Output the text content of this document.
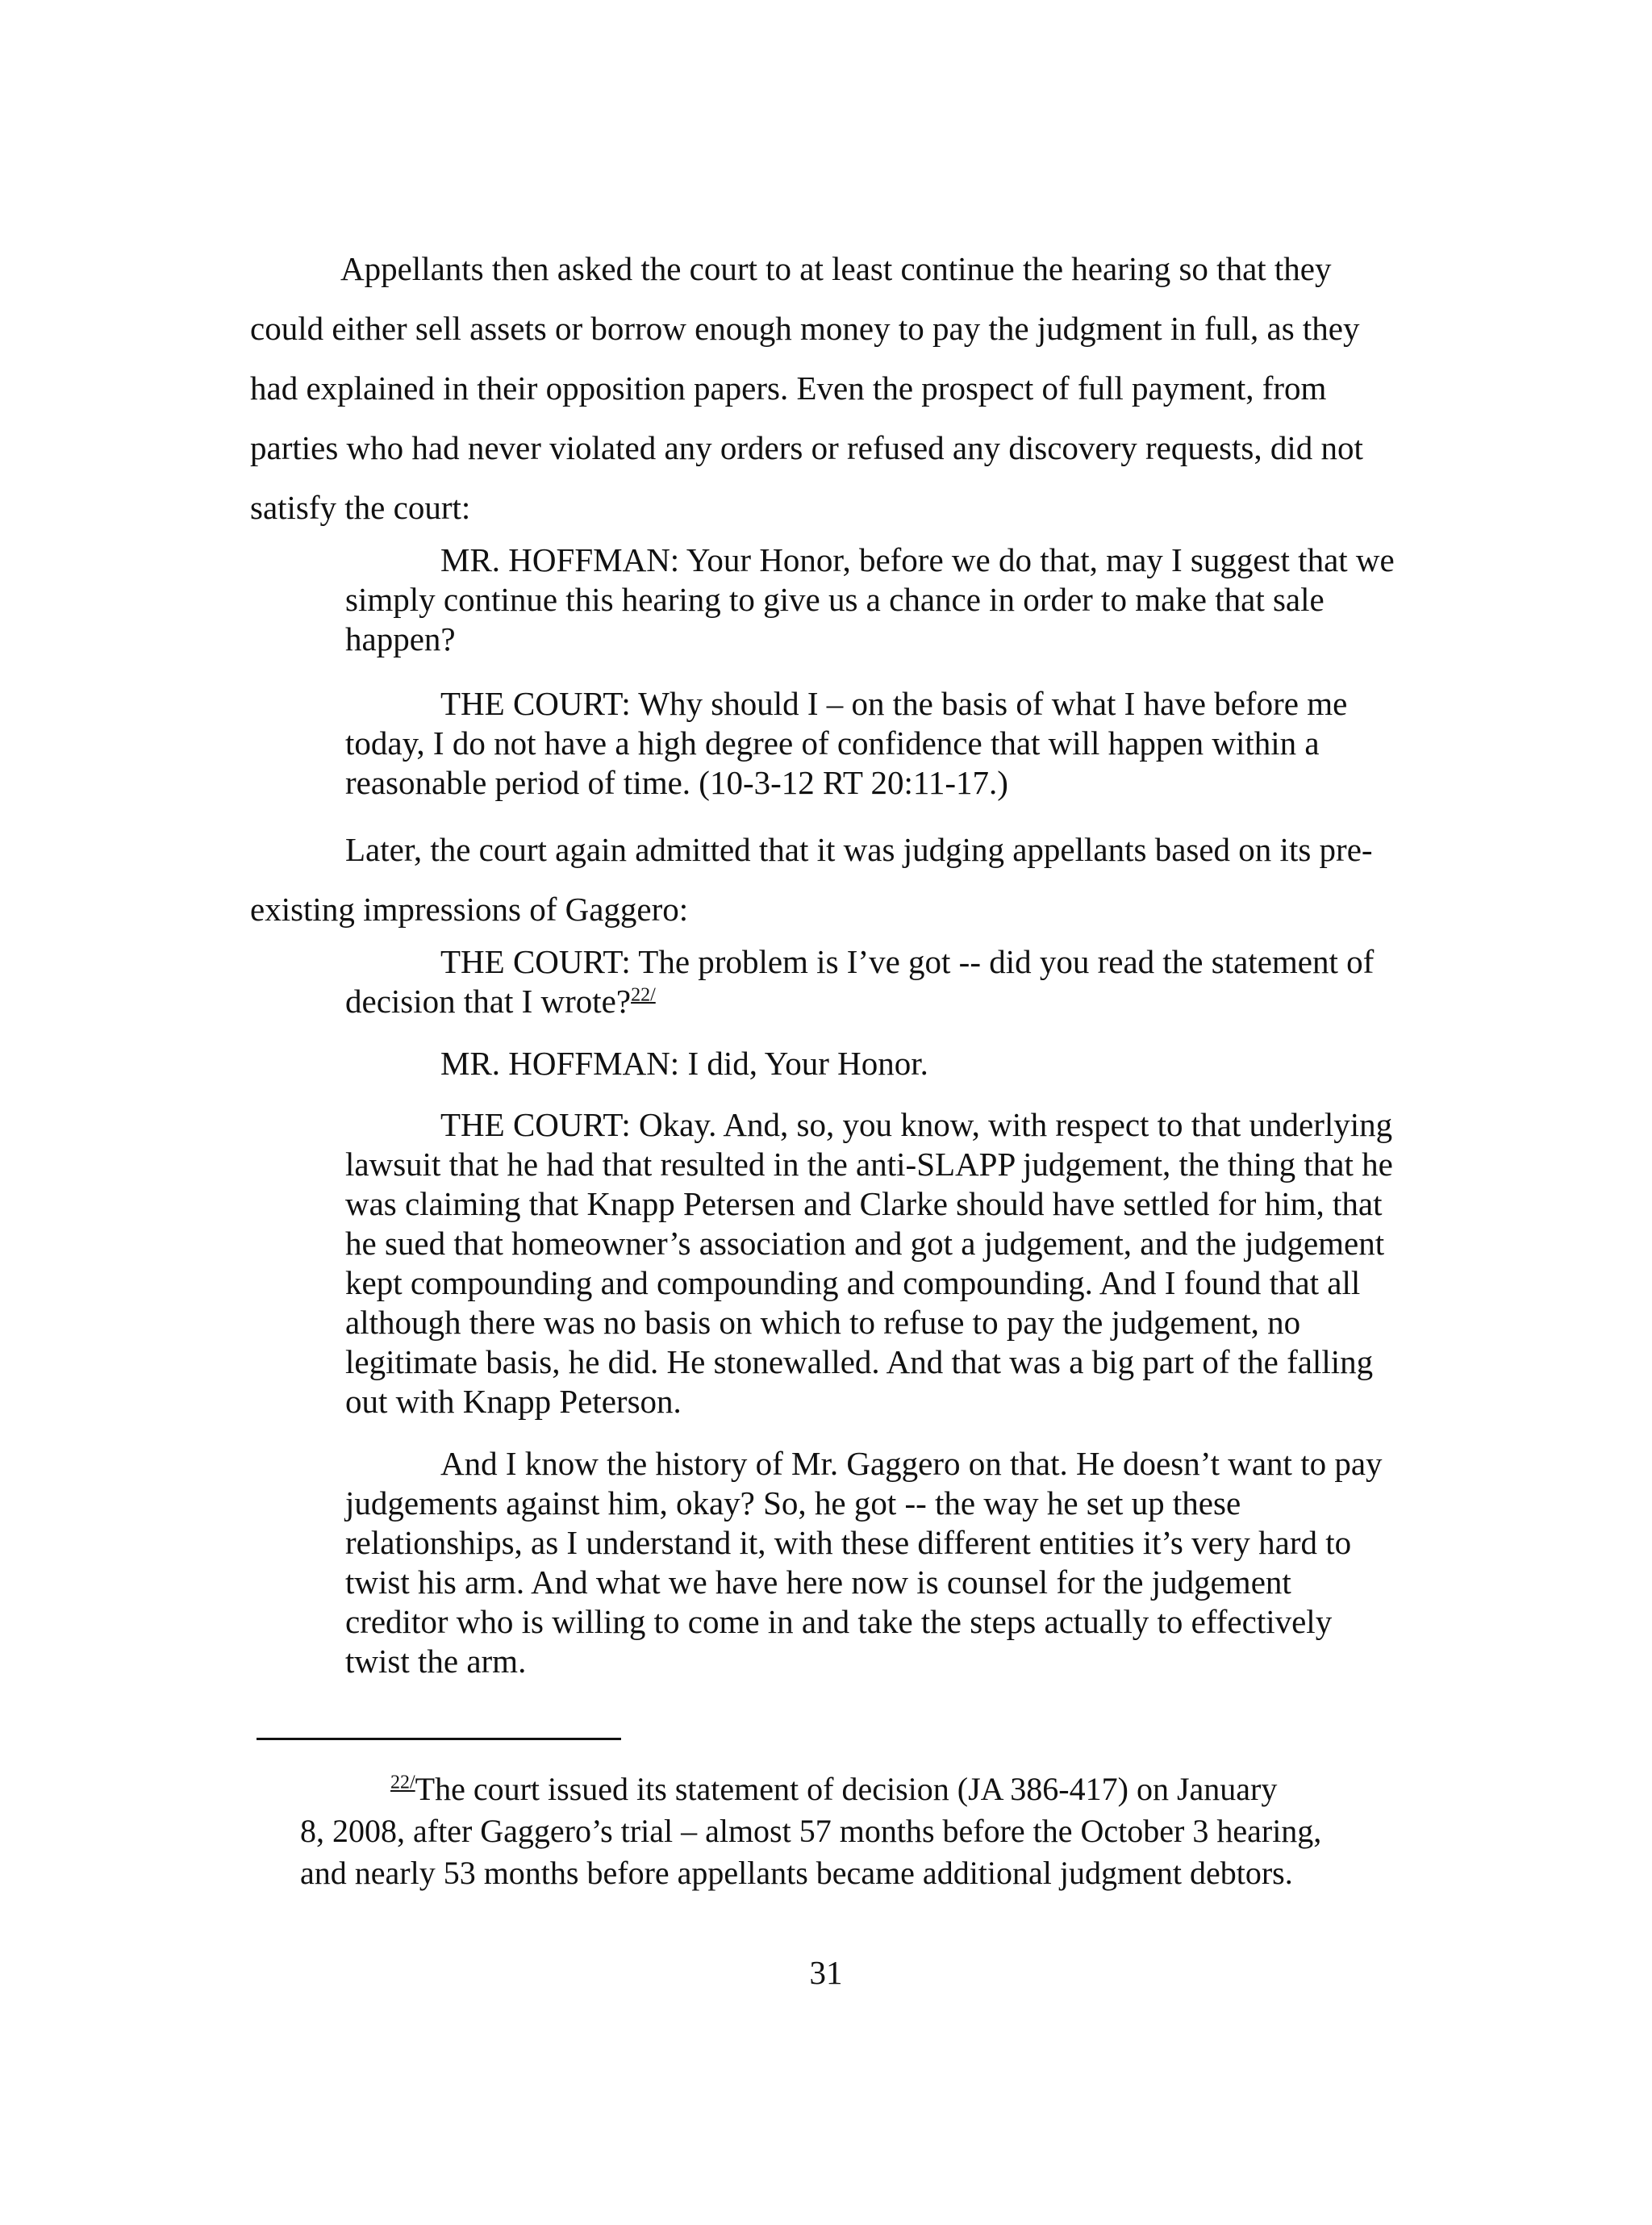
Appellants then asked the court to at least continue the hearing so that they
could either sell assets or borrow enough money to pay the judgment in full, as they
had explained in their opposition papers. Even the prospect of full payment, from
parties who had never violated any orders or refused any discovery requests, did not
satisfy the court:
MR. HOFFMAN: Your Honor, before we do that, may I suggest that we
simply continue this hearing to give us a chance in order to make that sale
happen?
THE COURT: Why should I – on the basis of what I have before me
today, I do not have a high degree of confidence that will happen within a
reasonable period of time. (10-3-12 RT 20:11-17.)
Later, the court again admitted that it was judging appellants based on its pre-
existing impressions of Gaggero:
THE COURT: The problem is I’ve got -- did you read the statement of
decision that I wrote?$^{22/}$
MR. HOFFMAN: I did, Your Honor.
THE COURT: Okay. And, so, you know, with respect to that underlying
lawsuit that he had that resulted in the anti-SLAPP judgement, the thing that he
was claiming that Knapp Petersen and Clarke should have settled for him, that
he sued that homeowner’s association and got a judgement, and the judgement
kept compounding and compounding and compounding. And I found that all
although there was no basis on which to refuse to pay the judgement, no
legitimate basis, he did. He stonewalled. And that was a big part of the falling
out with Knapp Peterson.
And I know the history of Mr. Gaggero on that. He doesn’t want to pay
judgements against him, okay? So, he got -- the way he set up these
relationships, as I understand it, with these different entities it’s very hard to
twist his arm. And what we have here now is counsel for the judgement
creditor who is willing to come in and take the steps actually to effectively
twist the arm.
$^{22/}$The court issued its statement of decision (JA 386-417) on January
8, 2008, after Gaggero’s trial – almost 57 months before the October 3 hearing,
and nearly 53 months before appellants became additional judgment debtors.
31
